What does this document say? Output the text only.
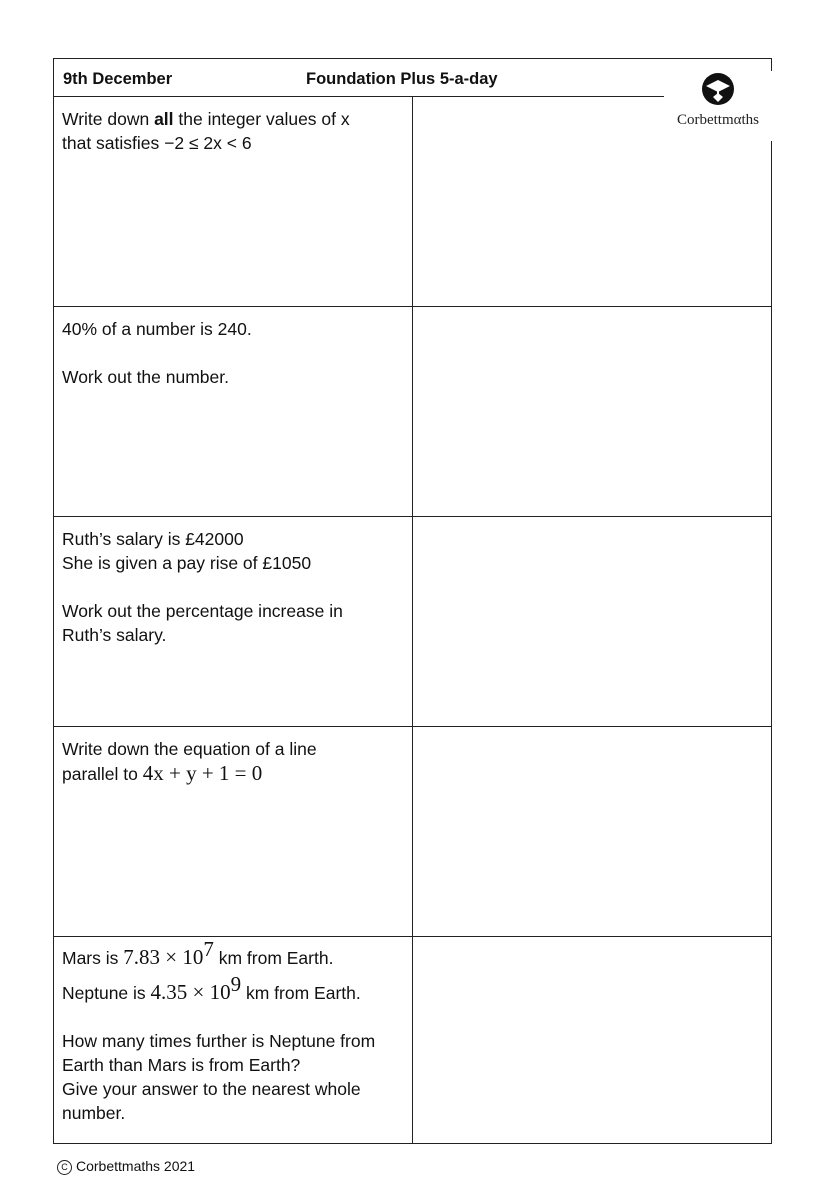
9th December	Foundation Plus 5-a-day
Corbettmαths

Write down all the integer values of x

that satisfies −2 ≤ 2x < 6

40% of a number is 240.

Work out the number.

Ruth’s salary is £42000

She is given a pay rise of £1050

Work out the percentage increase in

Ruth’s salary.

Write down the equation of a line

parallel to 4x + y + 1 = 0

Mars is $7.83 \times 10^7$ km from Earth.

Neptune is $4.35 \times 10^9$ km from Earth.

How many times further is Neptune from

Earth than Mars is from Earth?

Give your answer to the nearest whole

number.

C Corbettmaths 2021
